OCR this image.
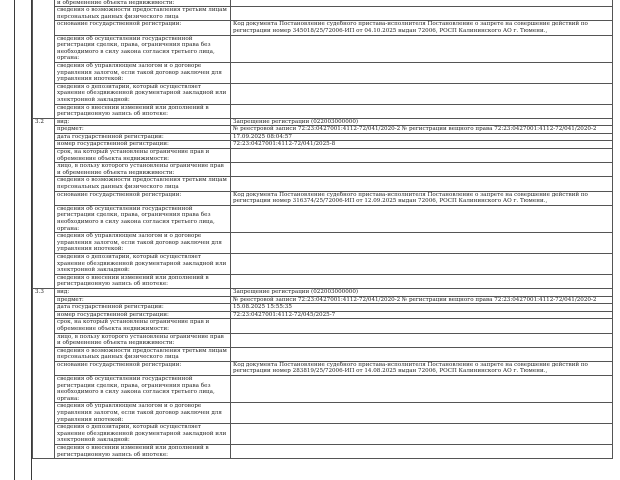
	и обременение объекта недвижимости:	
	сведения о возможности предоставления третьим лицам персональных данных физического лица	
	основание государственной регистрации:	Код документа Постановление судебного пристава-исполнителя Постановление о запрете на совершение действий по регистрации номер 345018/25/72006-ИП от 04.10.2025 выдан 72006, РОСП Калининского АО г. Тюмени.,
	сведения об осуществлении государственной регистрации сделки, права, ограничения права без необходимого в силу закона согласия третьего лица, органа:	
	сведения об управляющем залогом и о договоре управления залогом, если такой договор заключен для управления ипотекой:	
	сведения о депозитарии, который осуществляет хранение обездвиженной документарной закладной или электронной закладной:	
	сведения о внесении изменений или дополнений в регистрационную запись об ипотеке:	
3.2	вид:	Запрещение регистрации (022003000000)
	предмет:	№ реестровой записи 72:23:0427001:4112-72/041/2020-2 № регистрации вещного права 72:23:0427001:4112-72/041/2020-2
	дата государственной регистрации:	17.09.2025 08:04:57
	номер государственной регистрации:	72:23:0427001:4112-72/041/2025-8
	срок, на который установлены ограничение прав и обременение объекта недвижимости:	
	лицо, в пользу которого установлены ограничение прав и обременение объекта недвижимости:	
	сведения о возможности предоставления третьим лицам персональных данных физического лица	
	основание государственной регистрации:	Код документа Постановление судебного пристава-исполнителя Постановление о запрете на совершение действий по регистрации номер 316374/25/72006-ИП от 12.09.2025 выдан 72006, РОСП Калининского АО г. Тюмени.,
	сведения об осуществлении государственной регистрации сделки, права, ограничения права без необходимого в силу закона согласия третьего лица, органа:	
	сведения об управляющем залогом и о договоре управления залогом, если такой договор заключен для управления ипотекой:	
	сведения о депозитарии, который осуществляет хранение обездвиженной документарной закладной или электронной закладной:	
	сведения о внесении изменений или дополнений в регистрационную запись об ипотеке:	
3.3	вид:	Запрещение регистрации (022003000000)
	предмет:	№ реестровой записи 72:23:0427001:4112-72/041/2020-2 № регистрации вещного права 72:23:0427001:4112-72/041/2020-2
	дата государственной регистрации:	15.08.2025 15:55:35
	номер государственной регистрации:	72:23:0427001:4112-72/045/2025-7
	срок, на который установлены ограничение прав и обременение объекта недвижимости:	
	лицо, в пользу которого установлены ограничение прав и обременение объекта недвижимости:	
	сведения о возможности предоставления третьим лицам персональных данных физического лица	
	основание государственной регистрации:	Код документа Постановление судебного пристава-исполнителя Постановление о запрете на совершение действий по регистрации номер 283819/25/72006-ИП от 14.08.2025 выдан 72006, РОСП Калининского АО г. Тюмени.,
	сведения об осуществлении государственной регистрации сделки, права, ограничения права без необходимого в силу закона согласия третьего лица, органа:	
	сведения об управляющем залогом и о договоре управления залогом, если такой договор заключен для управления ипотекой:	
	сведения о депозитарии, который осуществляет хранение обездвиженной документарной закладной или электронной закладной:	
	сведения о внесении изменений или дополнений в регистрационную запись об ипотеке:	
